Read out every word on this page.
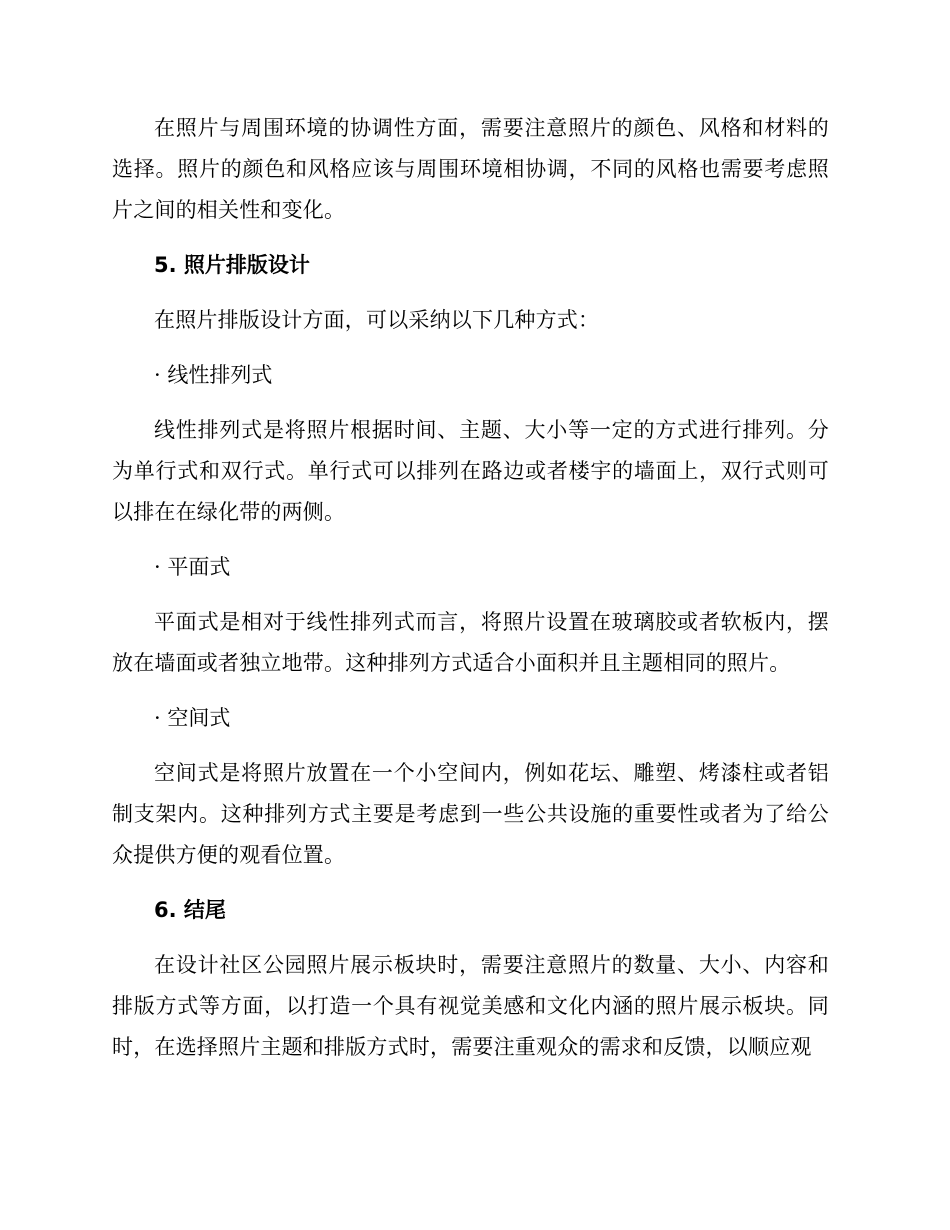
在照片与周围环境的协调性方面，需要注意照片的颜色、风格和材料的选择。照片的颜色和风格应该与周围环境相协调，不同的风格也需要考虑照片之间的相关性和变化。

5. 照片排版设计

在照片排版设计方面，可以采纳以下几种方式：

· 线性排列式

线性排列式是将照片根据时间、主题、大小等一定的方式进行排列。分为单行式和双行式。单行式可以排列在路边或者楼宇的墙面上，双行式则可以排在在绿化带的两侧。

· 平面式

平面式是相对于线性排列式而言，将照片设置在玻璃胶或者软板内，摆放在墙面或者独立地带。这种排列方式适合小面积并且主题相同的照片。

· 空间式

空间式是将照片放置在一个小空间内，例如花坛、雕塑、烤漆柱或者铝制支架内。这种排列方式主要是考虑到一些公共设施的重要性或者为了给公众提供方便的观看位置。

6. 结尾

在设计社区公园照片展示板块时，需要注意照片的数量、大小、内容和排版方式等方面，以打造一个具有视觉美感和文化内涵的照片展示板块。同时，在选择照片主题和排版方式时，需要注重观众的需求和反馈，以顺应观
